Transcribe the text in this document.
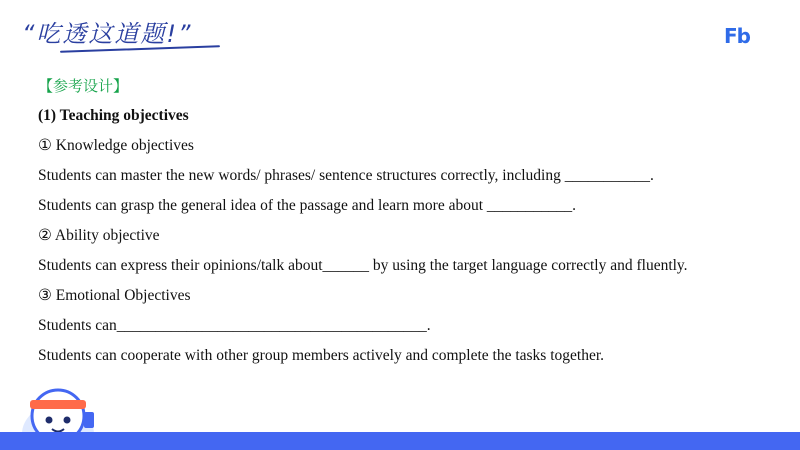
“吃透这道题!”	Fb
【参考设计】
(1) Teaching objectives
① Knowledge objectives
Students can master the new words/ phrases/ sentence structures correctly, including ___________.
Students can grasp the general idea of the passage and learn more about ___________.
② Ability objective
Students can express their opinions/talk about______ by using the target language correctly and fluently.
③ Emotional Objectives
Students can________________________________________.
Students can cooperate with other group members actively and complete the tasks together.
